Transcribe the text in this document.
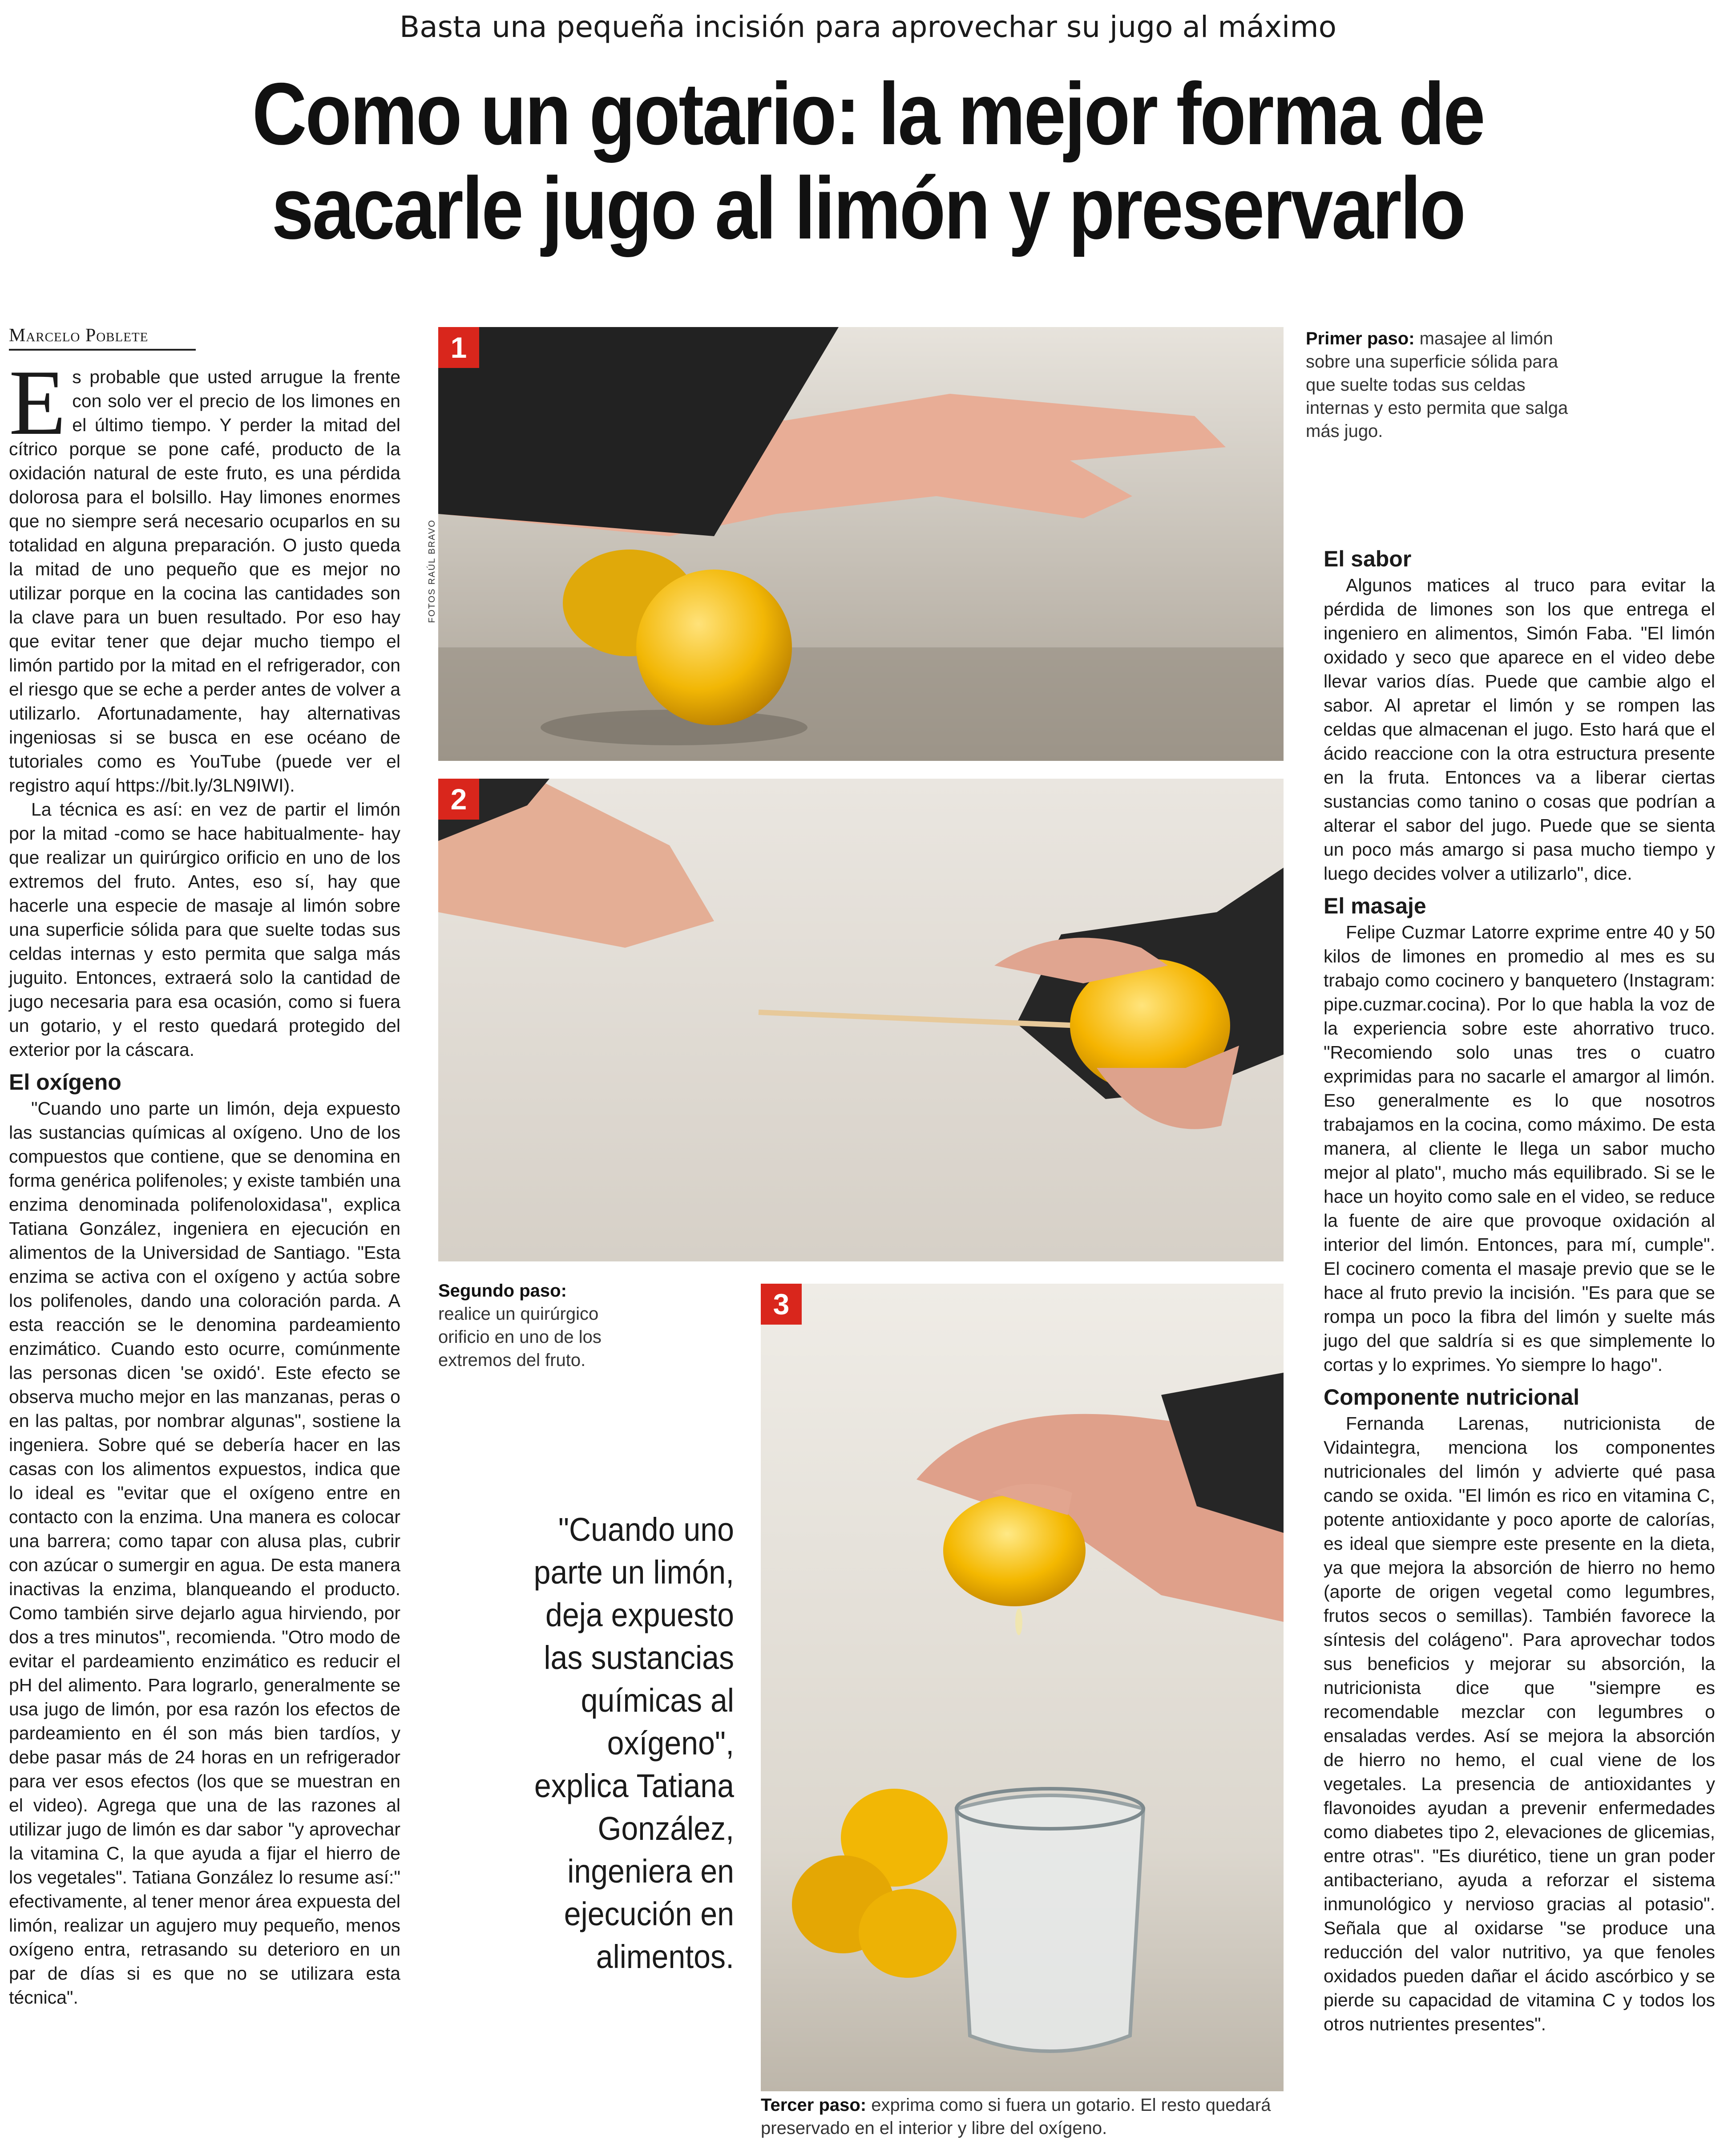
Basta una pequeña incisión para aprovechar su jugo al máximo
Como un gotario: la mejor forma de
sacarle jugo al limón y preservarlo
Marcelo Poblete

Es probable que usted arrugue la frente con solo ver el precio de los limones en el último tiempo. Y perder la mitad del cítrico porque se pone café, producto de la oxidación natural de este fruto, es una pérdida dolorosa para el bolsillo. Hay limones enormes que no siempre será necesario ocuparlos en su totalidad en alguna preparación. O justo queda la mitad de uno pequeño que es mejor no utilizar porque en la cocina las cantidades son la clave para un buen resultado. Por eso hay que evitar tener que dejar mucho tiempo el limón partido por la mitad en el refrigerador, con el riesgo que se eche a perder antes de volver a utilizarlo. Afortunadamente, hay alternativas ingeniosas si se busca en ese océano de tutoriales como es YouTube (puede ver el registro aquí https://bit.ly/3LN9IWI).

La técnica es así: en vez de partir el limón por la mitad -como se hace habitualmente- hay que realizar un quirúrgico orificio en uno de los extremos del fruto. Antes, eso sí, hay que hacerle una especie de masaje al limón sobre una superficie sólida para que suelte todas sus celdas internas y esto permita que salga más juguito. Entonces, extraerá solo la cantidad de jugo necesaria para esa ocasión, como si fuera un gotario, y el resto quedará protegido del exterior por la cáscara.

El oxígeno

"Cuando uno parte un limón, deja expuesto las sustancias químicas al oxígeno. Uno de los compuestos que contiene, que se denomina en forma genérica polifenoles; y existe también una enzima denominada polifenoloxidasa", explica Tatiana González, ingeniera en ejecución en alimentos de la Universidad de Santiago. "Esta enzima se activa con el oxígeno y actúa sobre los polifenoles, dando una coloración parda. A esta reacción se le denomina pardeamiento enzimático. Cuando esto ocurre, comúnmente las personas dicen 'se oxidó'. Este efecto se observa mucho mejor en las manzanas, peras o en las paltas, por nombrar algunas", sostiene la ingeniera. Sobre qué se debería hacer en las casas con los alimentos expuestos, indica que lo ideal es "evitar que el oxígeno entre en contacto con la enzima. Una manera es colocar una barrera; como tapar con alusa plas, cubrir con azúcar o sumergir en agua. De esta manera inactivas la enzima, blanqueando el producto. Como también sirve dejarlo agua hirviendo, por dos a tres minutos", recomienda. "Otro modo de evitar el pardeamiento enzimático es reducir el pH del alimento. Para lograrlo, generalmente se usa jugo de limón, por esa razón los efectos de pardeamiento en él son más bien tardíos, y debe pasar más de 24 horas en un refrigerador para ver esos efectos (los que se muestran en el video). Agrega que una de las razones al utilizar jugo de limón es dar sabor "y aprovechar la vitamina C, la que ayuda a fijar el hierro de los vegetales". Tatiana González lo resume así:" efectivamente, al tener menor área expuesta del limón, realizar un agujero muy pequeño, menos oxígeno entra, retrasando su deterioro en un par de días si es que no se utilizara esta técnica".

1
FOTOS RAÚL BRAVO
Primer paso: masajee al limón sobre una superficie sólida para que suelte todas sus celdas internas y esto permita que salga más jugo.
2
Segundo paso:
realice un quirúrgico orificio en uno de los extremos del fruto.
3
Tercer paso: exprima como si fuera un gotario. El resto quedará preservado en el interior y libre del oxígeno.
"Cuando uno parte un limón, deja expuesto las sustancias químicas al oxígeno", explica Tatiana González, ingeniera en ejecución en alimentos.
El sabor

Algunos matices al truco para evitar la pérdida de limones son los que entrega el ingeniero en alimentos, Simón Faba. "El limón oxidado y seco que aparece en el video debe llevar varios días. Puede que cambie algo el sabor. Al apretar el limón y se rompen las celdas que almacenan el jugo. Esto hará que el ácido reaccione con la otra estructura presente en la fruta. Entonces va a liberar ciertas sustancias como tanino o cosas que podrían a alterar el sabor del jugo. Puede que se sienta un poco más amargo si pasa mucho tiempo y luego decides volver a utilizarlo", dice.

El masaje

Felipe Cuzmar Latorre exprime entre 40 y 50 kilos de limones en promedio al mes es su trabajo como cocinero y banquetero (Instagram: pipe.cuzmar.cocina). Por lo que habla la voz de la experiencia sobre este ahorrativo truco. "Recomiendo solo unas tres o cuatro exprimidas para no sacarle el amargor al limón. Eso generalmente es lo que nosotros trabajamos en la cocina, como máximo. De esta manera, al cliente le llega un sabor mucho mejor al plato", mucho más equilibrado. Si se le hace un hoyito como sale en el video, se reduce la fuente de aire que provoque oxidación al interior del limón. Entonces, para mí, cumple". El cocinero comenta el masaje previo que se le hace al fruto previo la incisión. "Es para que se rompa un poco la fibra del limón y suelte más jugo del que saldría si es que simplemente lo cortas y lo exprimes. Yo siempre lo hago".

Componente nutricional

Fernanda Larenas, nutricionista de Vidaintegra, menciona los componentes nutricionales del limón y advierte qué pasa cando se oxida. "El limón es rico en vitamina C, potente antioxidante y poco aporte de calorías, es ideal que siempre este presente en la dieta, ya que mejora la absorción de hierro no hemo (aporte de origen vegetal como legumbres, frutos secos o semillas). También favorece la síntesis del colágeno". Para aprovechar todos sus beneficios y mejorar su absorción, la nutricionista dice que "siempre es recomendable mezclar con legumbres o ensaladas verdes. Así se mejora la absorción de hierro no hemo, el cual viene de los vegetales. La presencia de antioxidantes y flavonoides ayudan a prevenir enfermedades como diabetes tipo 2, elevaciones de glicemias, entre otras". "Es diurético, tiene un gran poder antibacteriano, ayuda a reforzar el sistema inmunológico y nervioso gracias al potasio". Señala que al oxidarse "se produce una reducción del valor nutritivo, ya que fenoles oxidados pueden dañar el ácido ascórbico y se pierde su capacidad de vitamina C y todos los otros nutrientes presentes".
